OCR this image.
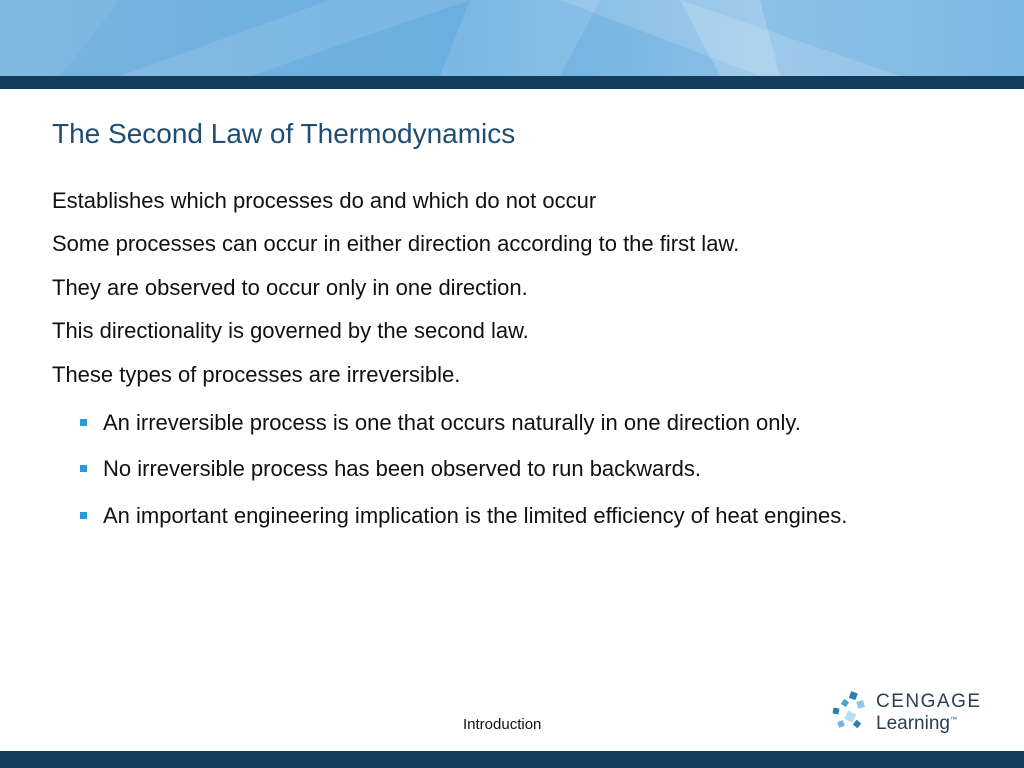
The Second Law of Thermodynamics

Establishes which processes do and which do not occur

Some processes can occur in either direction according to the first law.

They are observed to occur only in one direction.

This directionality is governed by the second law.

These types of processes are irreversible.

An irreversible process is one that occurs naturally in one direction only.
No irreversible process has been observed to run backwards.
An important engineering implication is the limited efficiency of heat engines.
Introduction
CENGAGE
Learning™
